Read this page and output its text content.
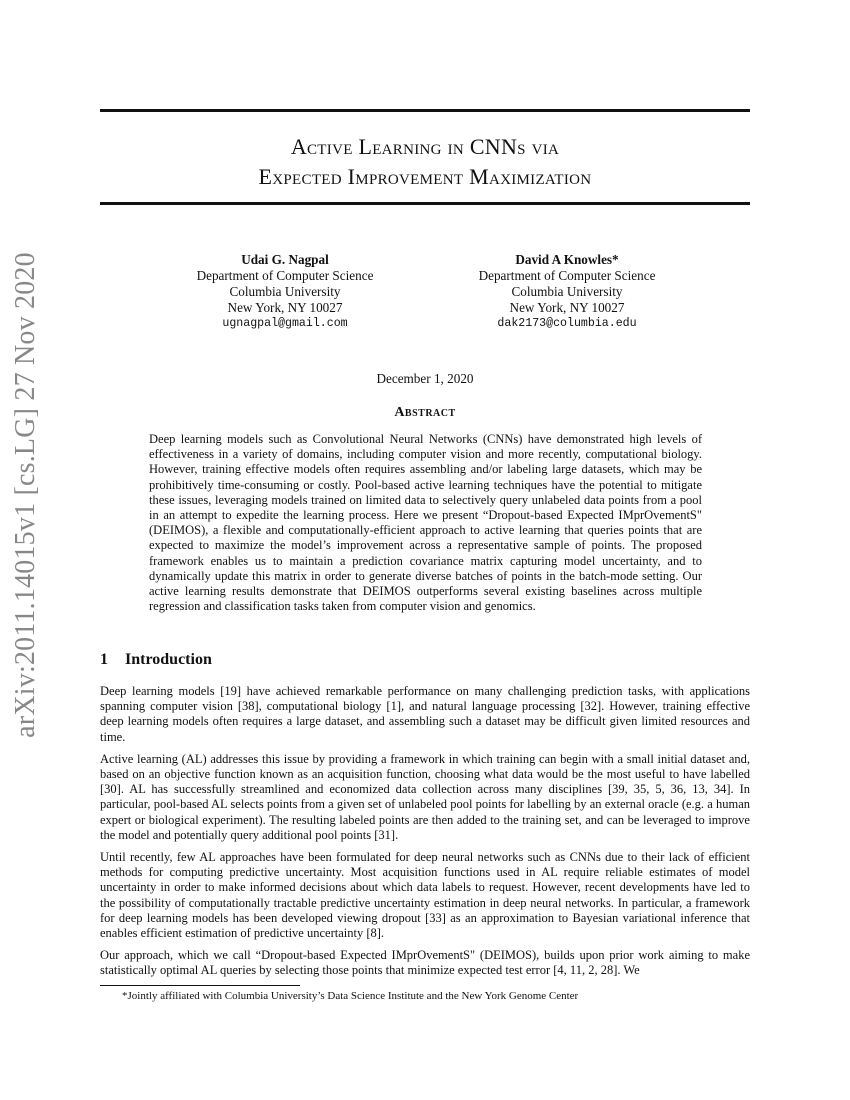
arXiv:2011.14015v1 [cs.LG] 27 Nov 2020
Active Learning in CNNs via
Expected Improvement Maximization
Udai G. Nagpal
Department of Computer Science
Columbia University
New York, NY 10027
ugnagpal@gmail.com
David A Knowles*
Department of Computer Science
Columbia University
New York, NY 10027
dak2173@columbia.edu
December 1, 2020
Abstract
Deep learning models such as Convolutional Neural Networks (CNNs) have demonstrated high levels of effectiveness in a variety of domains, including computer vision and more recently, computational biology. However, training effective models often requires assembling and/or labeling large datasets, which may be prohibitively time-consuming or costly. Pool-based active learning techniques have the potential to mitigate these issues, leveraging models trained on limited data to selectively query unlabeled data points from a pool in an attempt to expedite the learning process. Here we present “Dropout-based Expected IMprOvementS" (DEIMOS), a flexible and computationally-efficient approach to active learning that queries points that are expected to maximize the model’s improvement across a representative sample of points. The proposed framework enables us to maintain a prediction covariance matrix capturing model uncertainty, and to dynamically update this matrix in order to generate diverse batches of points in the batch-mode setting. Our active learning results demonstrate that DEIMOS outperforms several existing baselines across multiple regression and classification tasks taken from computer vision and genomics.
1 Introduction

Deep learning models [19] have achieved remarkable performance on many challenging prediction tasks, with applications spanning computer vision [38], computational biology [1], and natural language processing [32]. However, training effective deep learning models often requires a large dataset, and assembling such a dataset may be difficult given limited resources and time.

Active learning (AL) addresses this issue by providing a framework in which training can begin with a small initial dataset and, based on an objective function known as an acquisition function, choosing what data would be the most useful to have labelled [30]. AL has successfully streamlined and economized data collection across many disciplines [39, 35, 5, 36, 13, 34]. In particular, pool-based AL selects points from a given set of unlabeled pool points for labelling by an external oracle (e.g. a human expert or biological experiment). The resulting labeled points are then added to the training set, and can be leveraged to improve the model and potentially query additional pool points [31].

Until recently, few AL approaches have been formulated for deep neural networks such as CNNs due to their lack of efficient methods for computing predictive uncertainty. Most acquisition functions used in AL require reliable estimates of model uncertainty in order to make informed decisions about which data labels to request. However, recent developments have led to the possibility of computationally tractable predictive uncertainty estimation in deep neural networks. In particular, a framework for deep learning models has been developed viewing dropout [33] as an approximation to Bayesian variational inference that enables efficient estimation of predictive uncertainty [8].

Our approach, which we call “Dropout-based Expected IMprOvementS" (DEIMOS), builds upon prior work aiming to make statistically optimal AL queries by selecting those points that minimize expected test error [4, 11, 2, 28]. We

*Jointly affiliated with Columbia University’s Data Science Institute and the New York Genome Center
